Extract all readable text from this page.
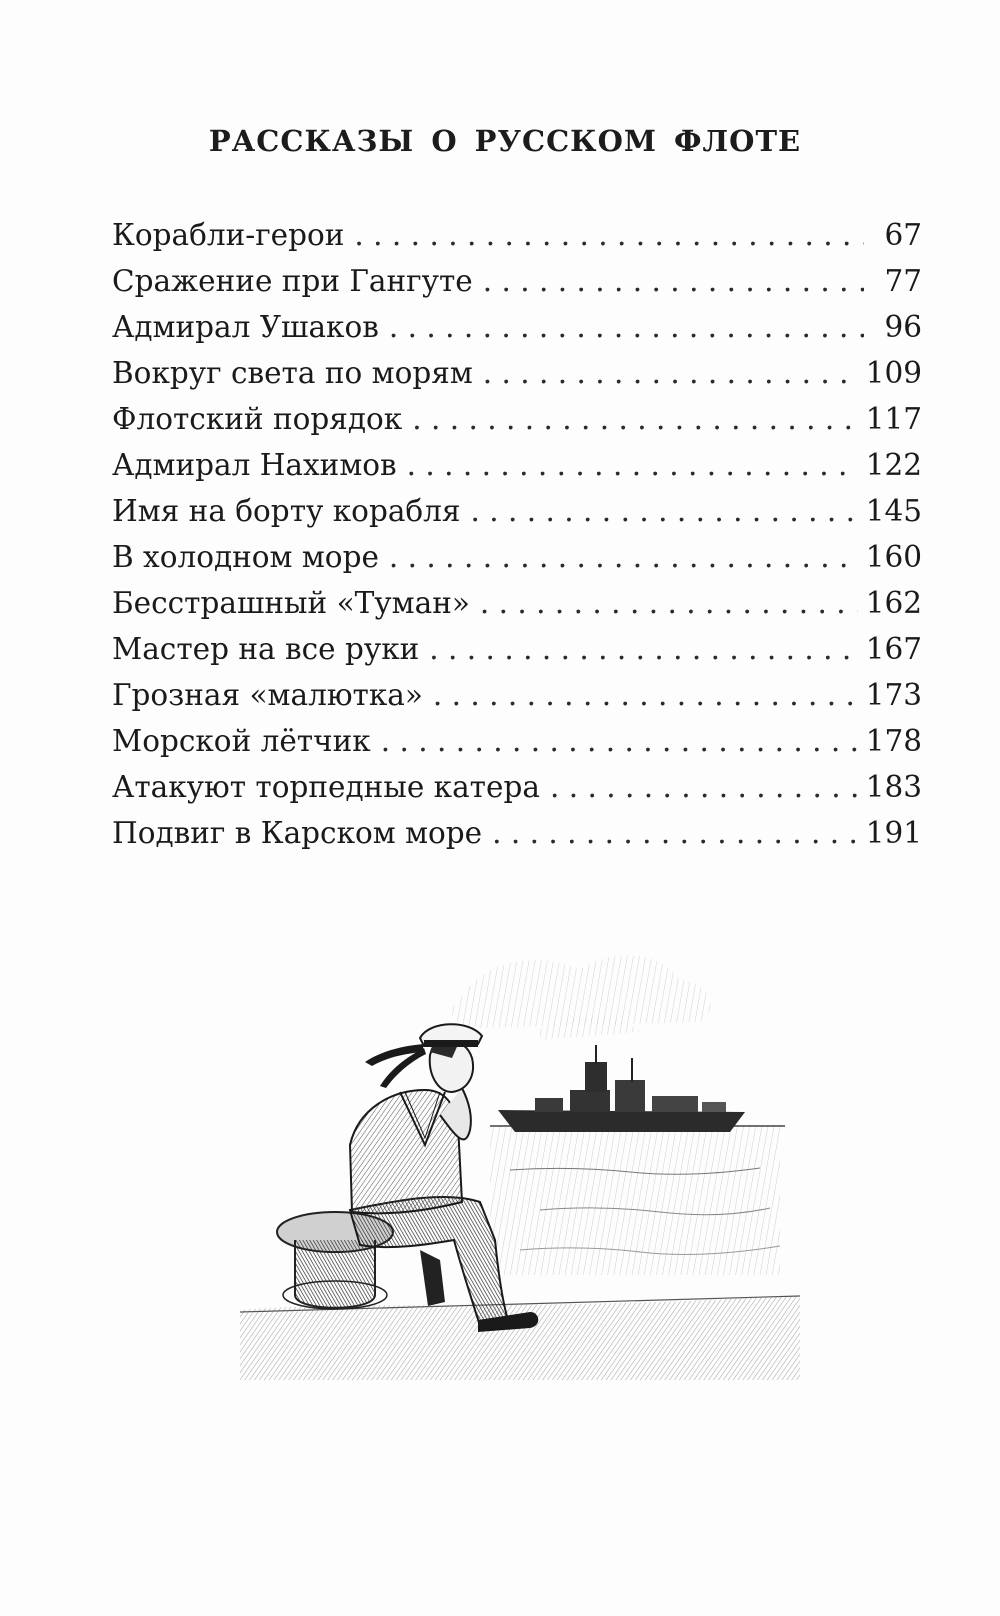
РАССКАЗЫ О РУССКОМ ФЛОТЕ
Корабли-герои . . .	67
Сражение при Гангуте . . .	77
Адмирал Ушаков . . .	96
Вокруг света по морям . . .	109
Флотский порядок . . .	117
Адмирал Нахимов . . .	122
Имя на борту корабля . . .	145
В холодном море . . .	160
Бесстрашный «Туман» . . .	162
Мастер на все руки . . .	167
Грозная «малютка» . . .	173
Морской лётчик . . .	178
Атакуют торпедные катера . . .	183
Подвиг в Карском море . . .	191
